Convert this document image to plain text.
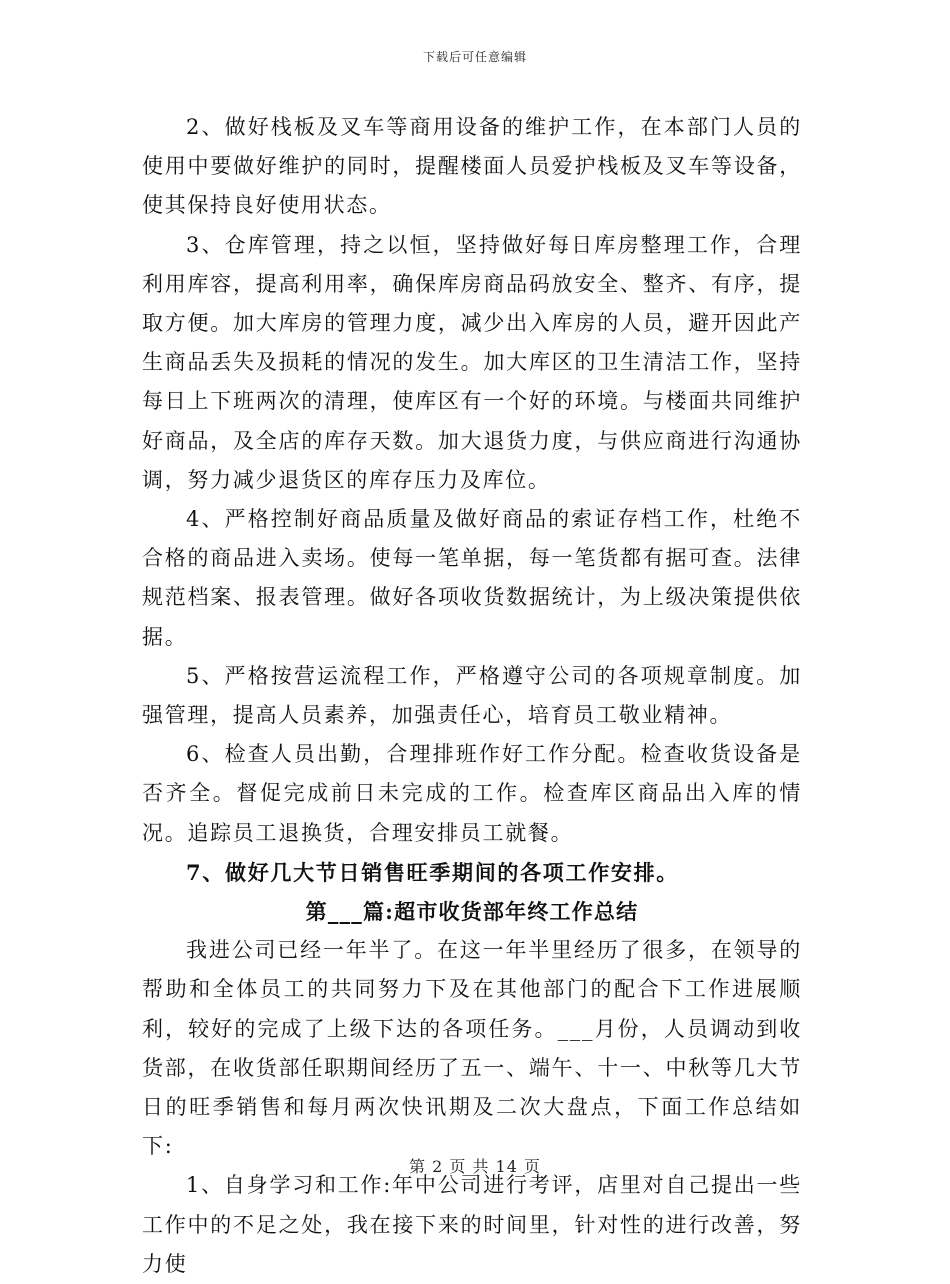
下载后可任意编辑

2、做好栈板及叉车等商用设备的维护工作，在本部门人员的使用中要做好维护的同时，提醒楼面人员爱护栈板及叉车等设备，使其保持良好使用状态。

3、仓库管理，持之以恒，坚持做好每日库房整理工作，合理利用库容，提高利用率，确保库房商品码放安全、整齐、有序，提取方便。加大库房的管理力度，减少出入库房的人员，避开因此产生商品丢失及损耗的情况的发生。加大库区的卫生清洁工作，坚持每日上下班两次的清理，使库区有一个好的环境。与楼面共同维护好商品，及全店的库存天数。加大退货力度，与供应商进行沟通协调，努力减少退货区的库存压力及库位。

4、严格控制好商品质量及做好商品的索证存档工作，杜绝不合格的商品进入卖场。使每一笔单据，每一笔货都有据可查。法律规范档案、报表管理。做好各项收货数据统计，为上级决策提供依据。

5、严格按营运流程工作，严格遵守公司的各项规章制度。加强管理，提高人员素养，加强责任心，培育员工敬业精神。

6、检查人员出勤，合理排班作好工作分配。检查收货设备是否齐全。督促完成前日未完成的工作。检查库区商品出入库的情况。追踪员工退换货，合理安排员工就餐。

7、做好几大节日销售旺季期间的各项工作安排。

第___篇:超市收货部年终工作总结

我进公司已经一年半了。在这一年半里经历了很多，在领导的帮助和全体员工的共同努力下及在其他部门的配合下工作进展顺利，较好的完成了上级下达的各项任务。___月份，人员调动到收货部，在收货部任职期间经历了五一、端午、十一、中秋等几大节日的旺季销售和每月两次快讯期及二次大盘点，下面工作总结如下:

1、自身学习和工作:年中公司进行考评，店里对自己提出一些工作中的不足之处，我在接下来的时间里，针对性的进行改善，努力使

第 2 页 共 14 页
